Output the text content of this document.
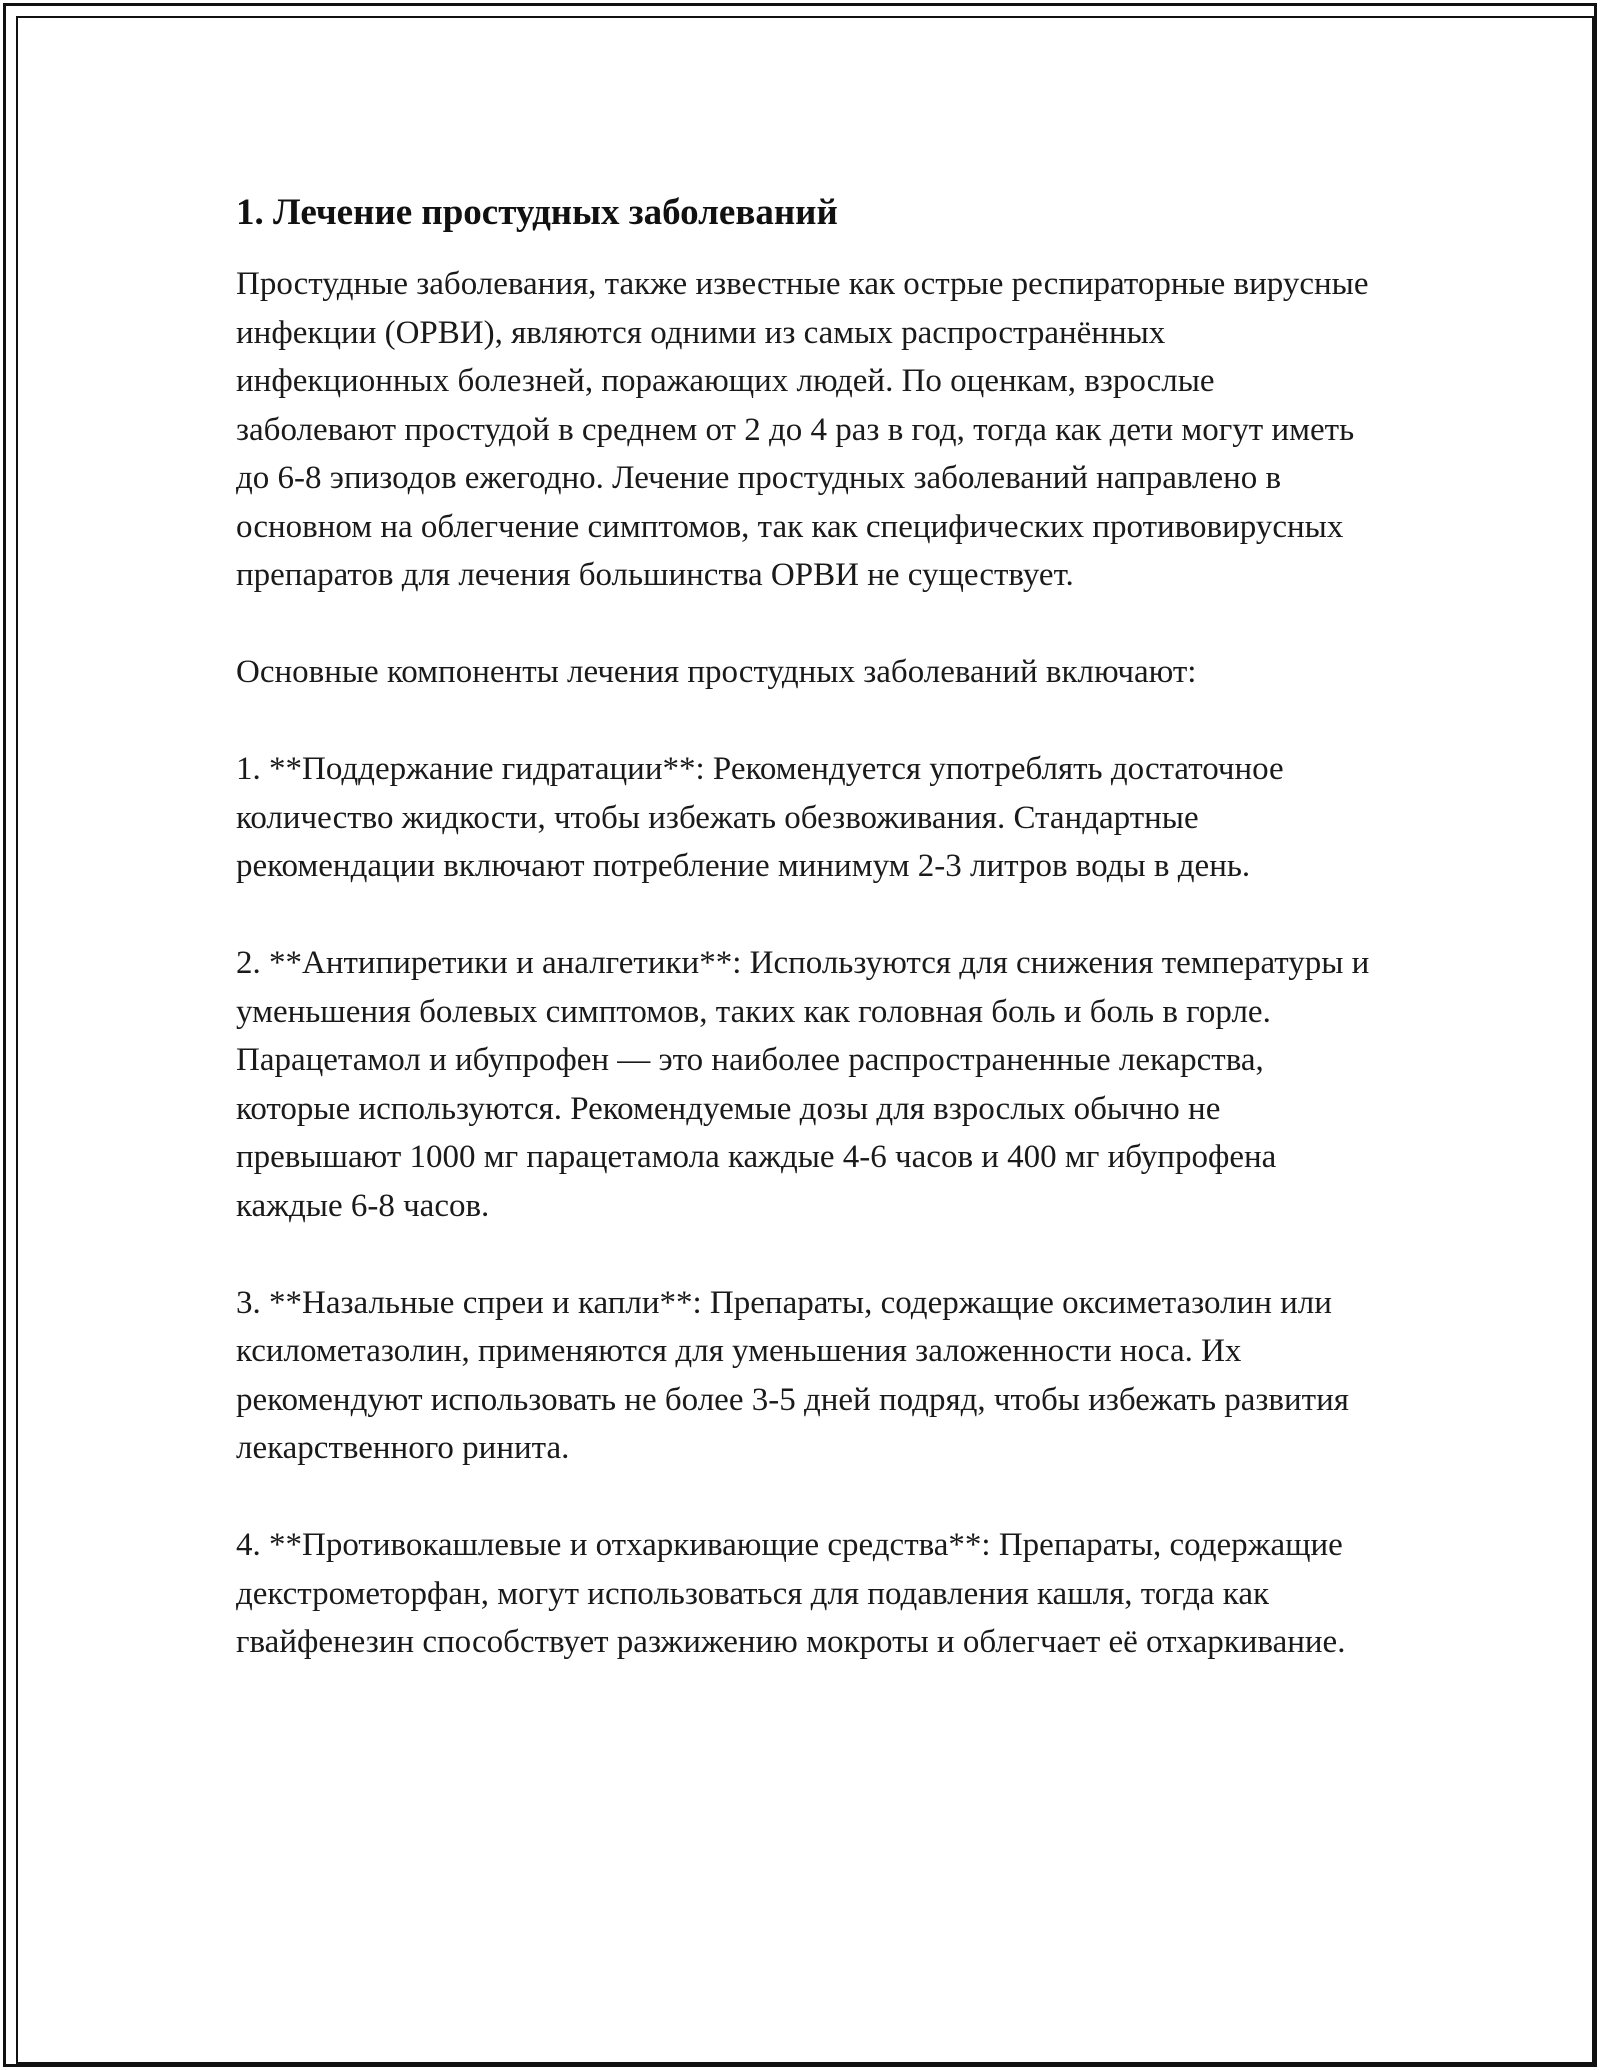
1. Лечение простудных заболеваний

Простудные заболевания, также известные как острые респираторные вирусные инфекции (ОРВИ), являются одними из самых распространённых инфекционных болезней, поражающих людей. По оценкам, взрослые заболевают простудой в среднем от 2 до 4 раз в год, тогда как дети могут иметь до 6-8 эпизодов ежегодно. Лечение простудных заболеваний направлено в основном на облегчение симптомов, так как специфических противовирусных препаратов для лечения большинства ОРВИ не существует.

Основные компоненты лечения простудных заболеваний включают:

1. **Поддержание гидратации**: Рекомендуется употреблять достаточное количество жидкости, чтобы избежать обезвоживания. Стандартные рекомендации включают потребление минимум 2-3 литров воды в день.

2. **Антипиретики и аналгетики**: Используются для снижения температуры и уменьшения болевых симптомов, таких как головная боль и боль в горле. Парацетамол и ибупрофен — это наиболее распространенные лекарства, которые используются. Рекомендуемые дозы для взрослых обычно не превышают 1000 мг парацетамола каждые 4-6 часов и 400 мг ибупрофена каждые 6-8 часов.

3. **Назальные спреи и капли**: Препараты, содержащие оксиметазолин или ксилометазолин, применяются для уменьшения заложенности носа. Их рекомендуют использовать не более 3-5 дней подряд, чтобы избежать развития лекарственного ринита.

4. **Противокашлевые и отхаркивающие средства**: Препараты, содержащие декстрометорфан, могут использоваться для подавления кашля, тогда как гвайфенезин способствует разжижению мокроты и облегчает её отхаркивание.
